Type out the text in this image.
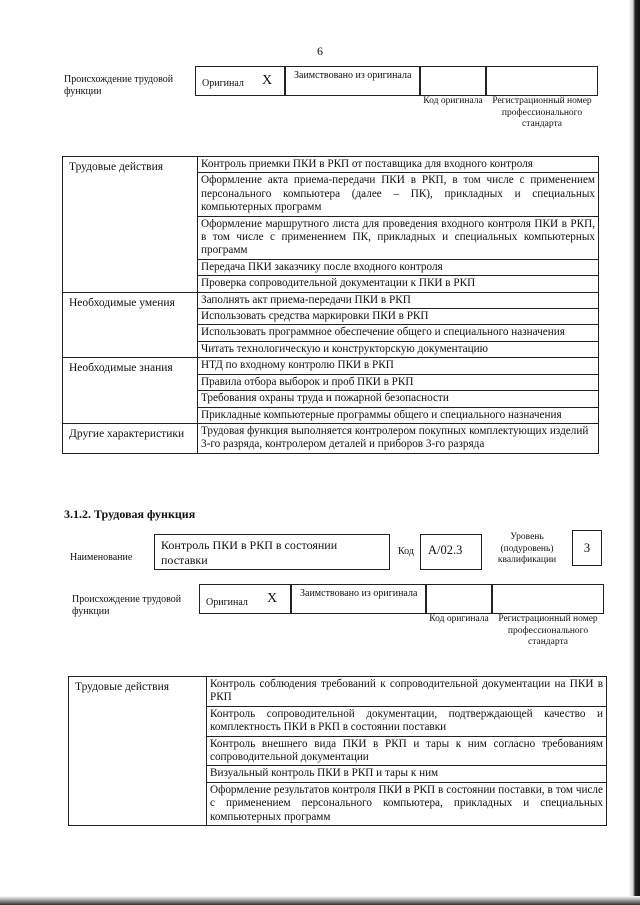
6
Происхождение трудовой функции
Оригинал X Заимствовано из оригинала
Код оригинала	Регистрационный номер профессионального стандарта
Трудовые действия	Контроль приемки ПКИ в РКП от поставщика для входного контроля
	Оформление акта приема-передачи ПКИ в РКП, в том числе с применением персонального компьютера (далее – ПК), прикладных и специальных компьютерных программ
	Оформление маршрутного листа для проведения входного контроля ПКИ в РКП, в том числе с применением ПК, прикладных и специальных компьютерных программ
	Передача ПКИ заказчику после входного контроля
	Проверка сопроводительной документации к ПКИ в РКП
Необходимые умения	Заполнять акт приема-передачи ПКИ в РКП
	Использовать средства маркировки ПКИ в РКП
	Использовать программное обеспечение общего и специального назначения
	Читать технологическую и конструкторскую документацию
Необходимые знания	НТД по входному контролю ПКИ в РКП
	Правила отбора выборок и проб ПКИ в РКП
	Требования охраны труда и пожарной безопасности
	Прикладные компьютерные программы общего и специального назначения
Другие характеристики	Трудовая функция выполняется контролером покупных комплектующих изделий 3-го разряда, контролером деталей и приборов 3-го разряда
3.1.2. Трудовая функция
Наименование
Контроль ПКИ в РКП в состоянии поставки
Код	А/02.3
Уровень (подуровень) квалификации
3
Происхождение трудовой функции
Оригинал X Заимствовано из оригинала
Код оригинала	Регистрационный номер профессионального стандарта
Трудовые действия	Контроль соблюдения требований к сопроводительной документации на ПКИ в РКП
Контроль сопроводительной документации, подтверждающей качество и комплектность ПКИ в РКП в состоянии поставки
Контроль внешнего вида ПКИ в РКП и тары к ним согласно требованиям сопроводительной документации
Визуальный контроль ПКИ в РКП и тары к ним
Оформление результатов контроля ПКИ в РКП в состоянии поставки, в том числе с применением персонального компьютера, прикладных и специальных компьютерных программ
